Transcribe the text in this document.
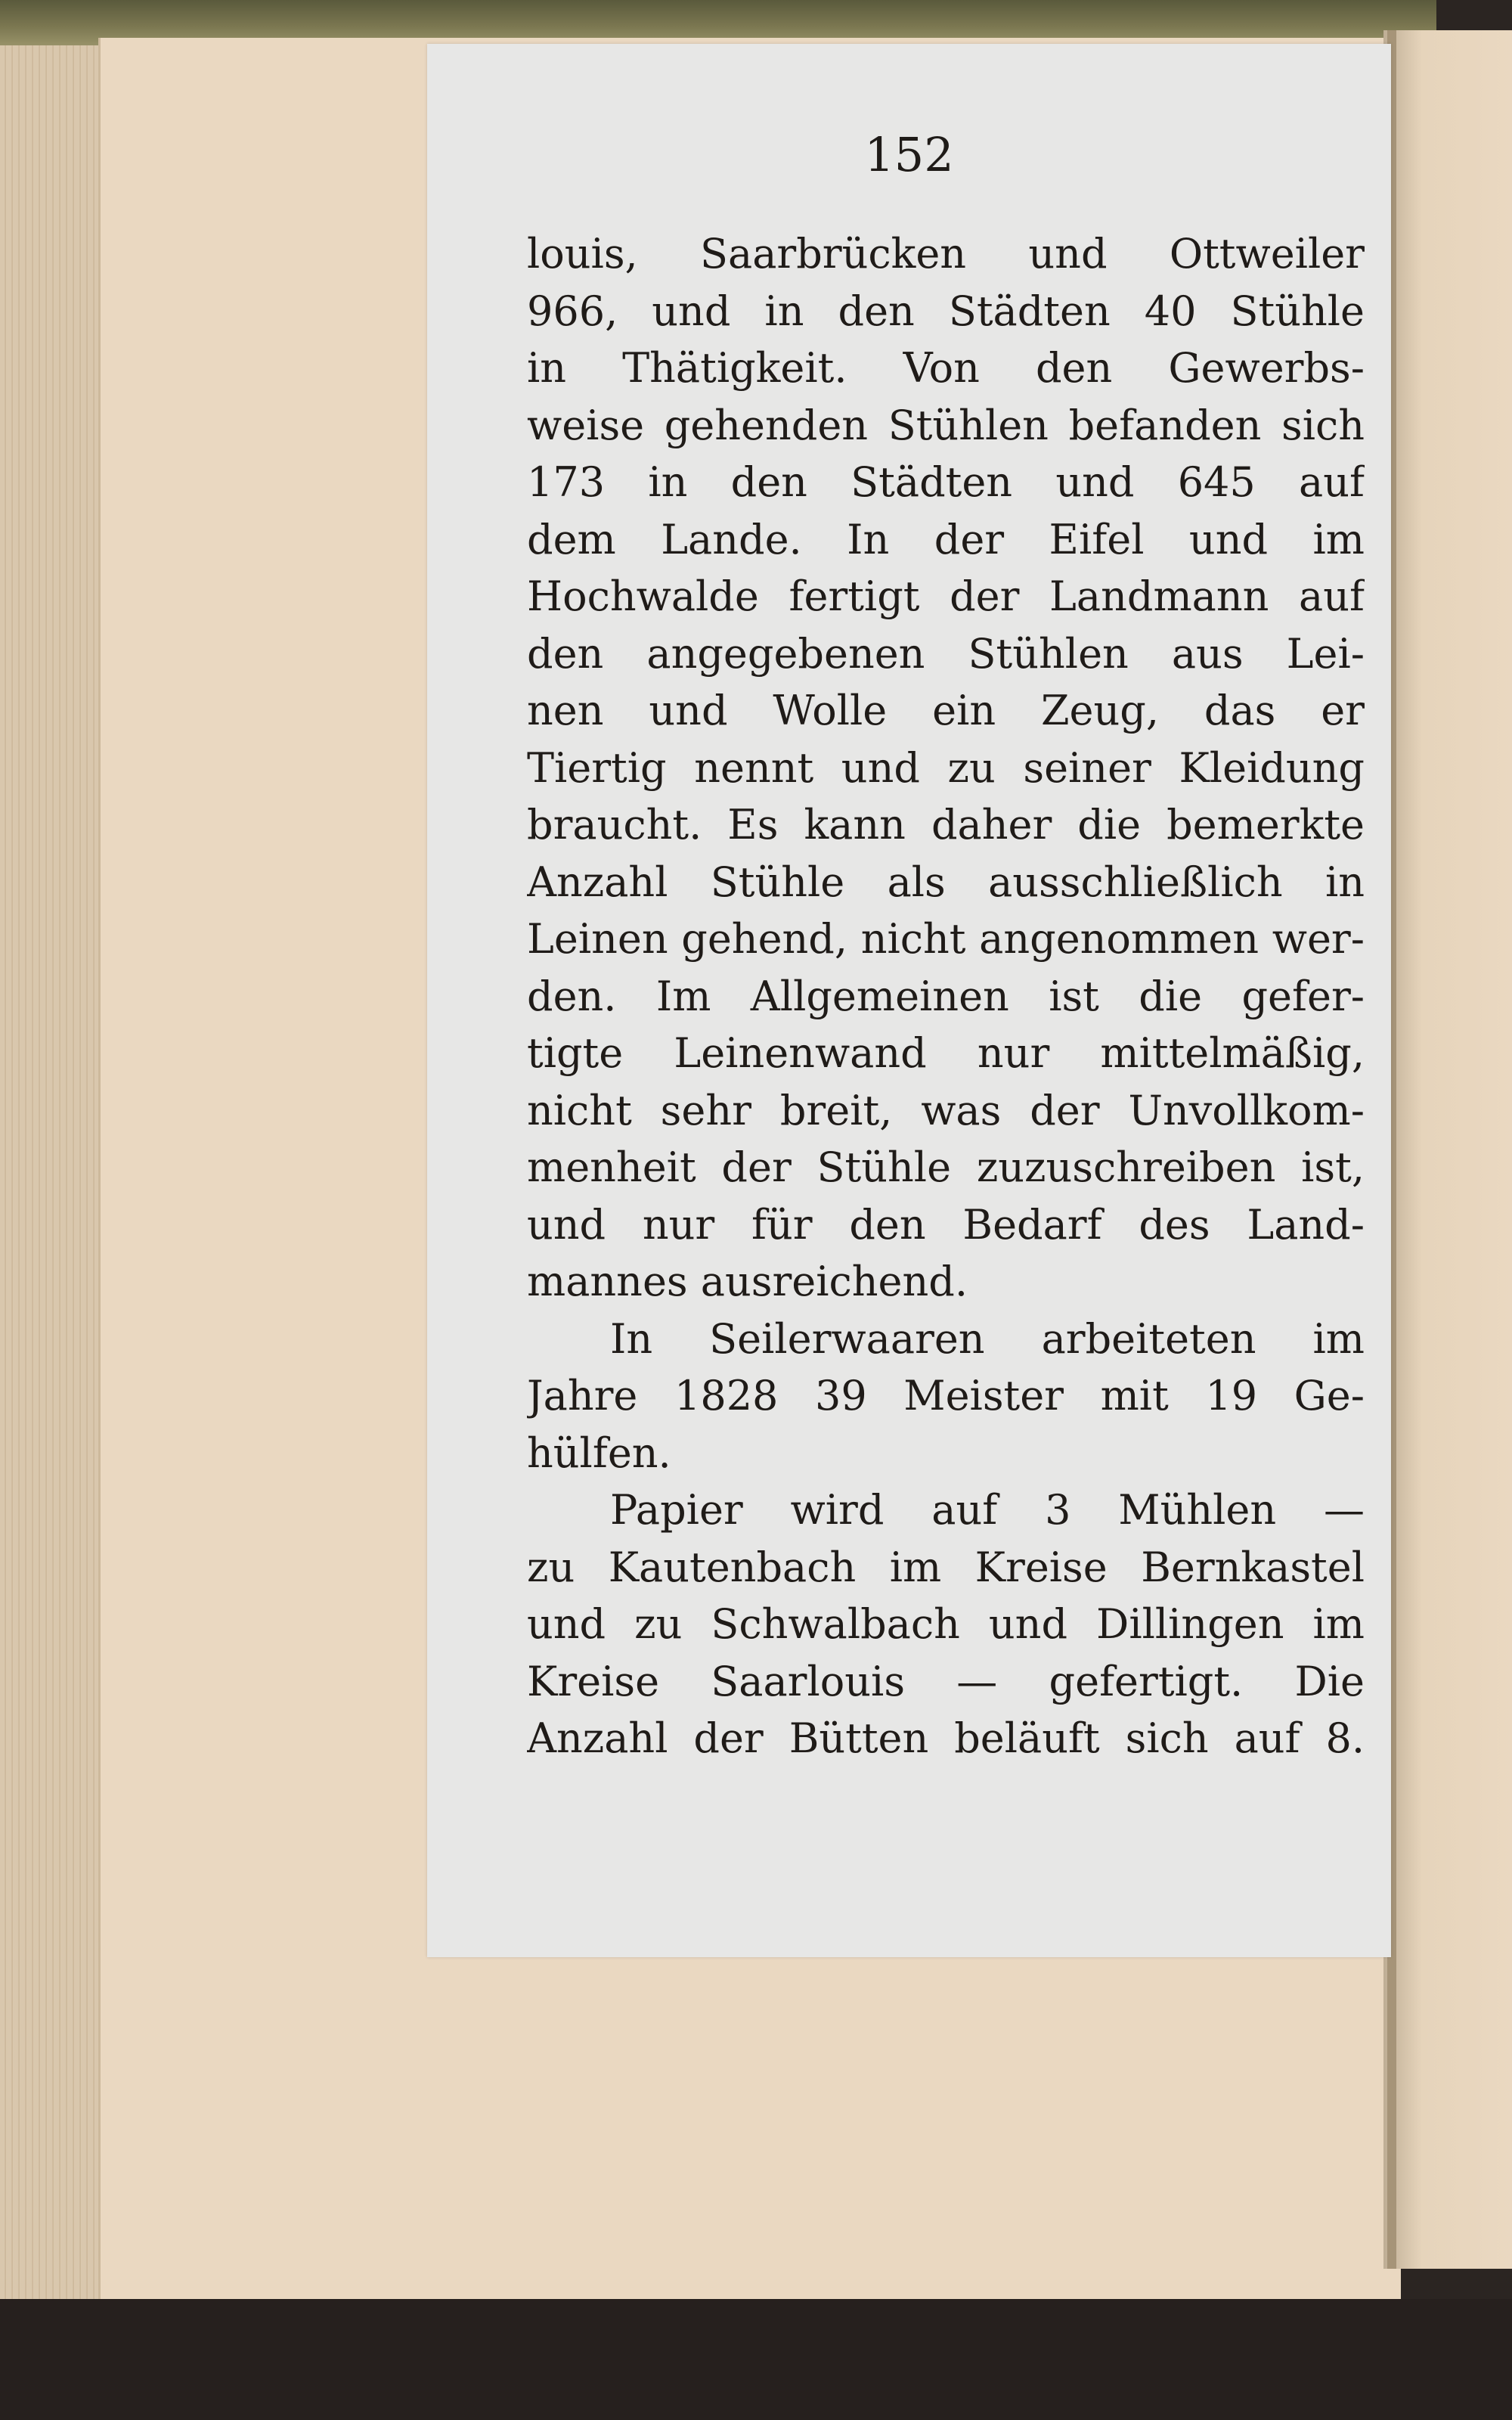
152
louis, Saarbrücken und Ottweiler
966, und in den Städten 40 Stühle
in Thätigkeit. Von den Gewerbs-
weise gehenden Stühlen befanden sich
173 in den Städten und 645 auf
dem Lande. In der Eifel und im
Hochwalde fertigt der Landmann auf
den angegebenen Stühlen aus Lei-
nen und Wolle ein Zeug, das er
Tiertig nennt und zu seiner Kleidung
braucht. Es kann daher die bemerkte
Anzahl Stühle als ausschließlich in
Leinen gehend, nicht angenommen wer-
den. Im Allgemeinen ist die gefer-
tigte Leinenwand nur mittelmäßig,
nicht sehr breit, was der Unvollkom-
menheit der Stühle zuzuschreiben ist,
und nur für den Bedarf des Land-
mannes ausreichend.
In Seilerwaaren arbeiteten im
Jahre 1828 39 Meister mit 19 Ge-
hülfen.
Papier wird auf 3 Mühlen —
zu Kautenbach im Kreise Bernkastel
und zu Schwalbach und Dillingen im
Kreise Saarlouis — gefertigt. Die
Anzahl der Bütten beläuft sich auf 8.
